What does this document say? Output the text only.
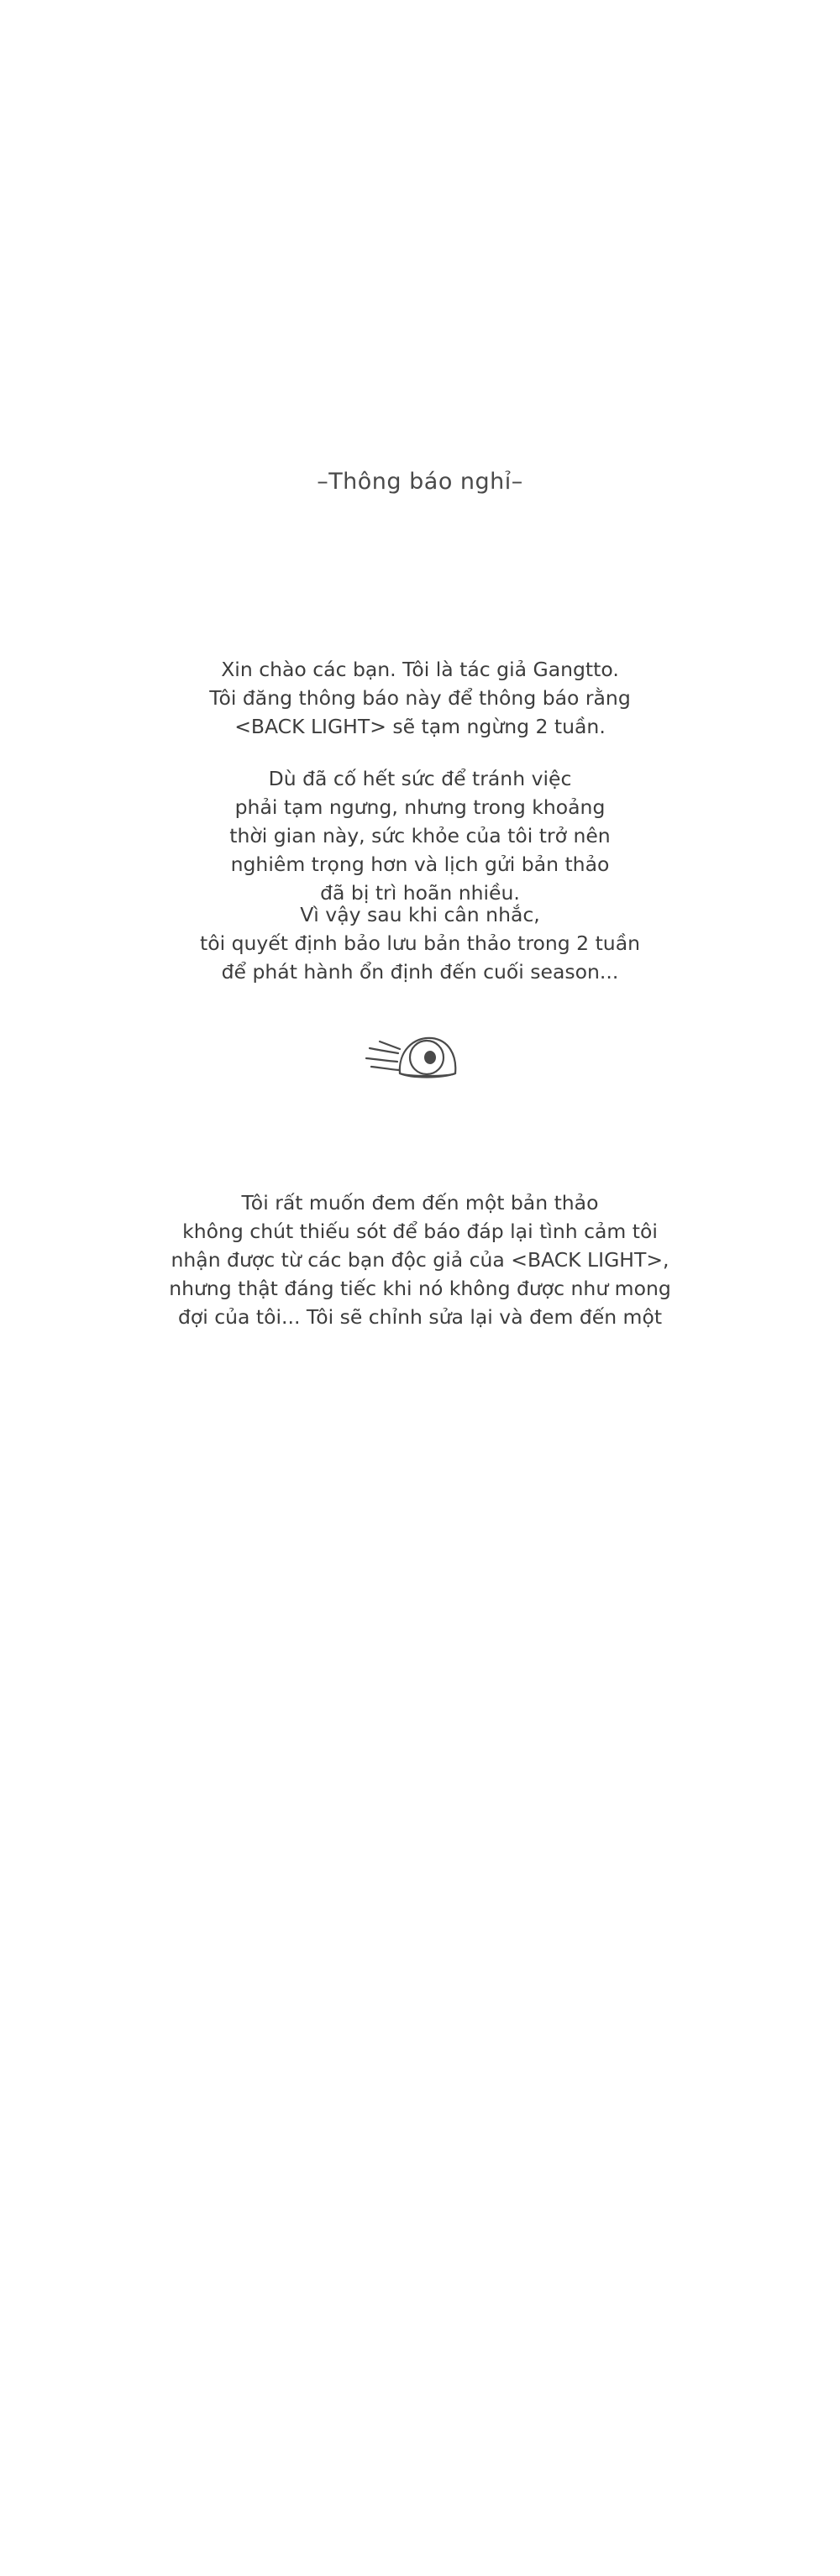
–Thông báo nghỉ–

Xin chào các bạn. Tôi là tác giả Gangtto.

Tôi đăng thông báo này để thông báo rằng

<BACK LIGHT> sẽ tạm ngừng 2 tuần.

Dù đã cố hết sức để tránh việc

phải tạm ngưng, nhưng trong khoảng

thời gian này, sức khỏe của tôi trở nên

nghiêm trọng hơn và lịch gửi bản thảo

đã bị trì hoãn nhiều.

Vì vậy sau khi cân nhắc,

tôi quyết định bảo lưu bản thảo trong 2 tuần

để phát hành ổn định đến cuối season...

Tôi rất muốn đem đến một bản thảo

không chút thiếu sót để báo đáp lại tình cảm tôi

nhận được từ các bạn độc giả của <BACK LIGHT>,

nhưng thật đáng tiếc khi nó không được như mong

đợi của tôi... Tôi sẽ chỉnh sửa lại và đem đến một
